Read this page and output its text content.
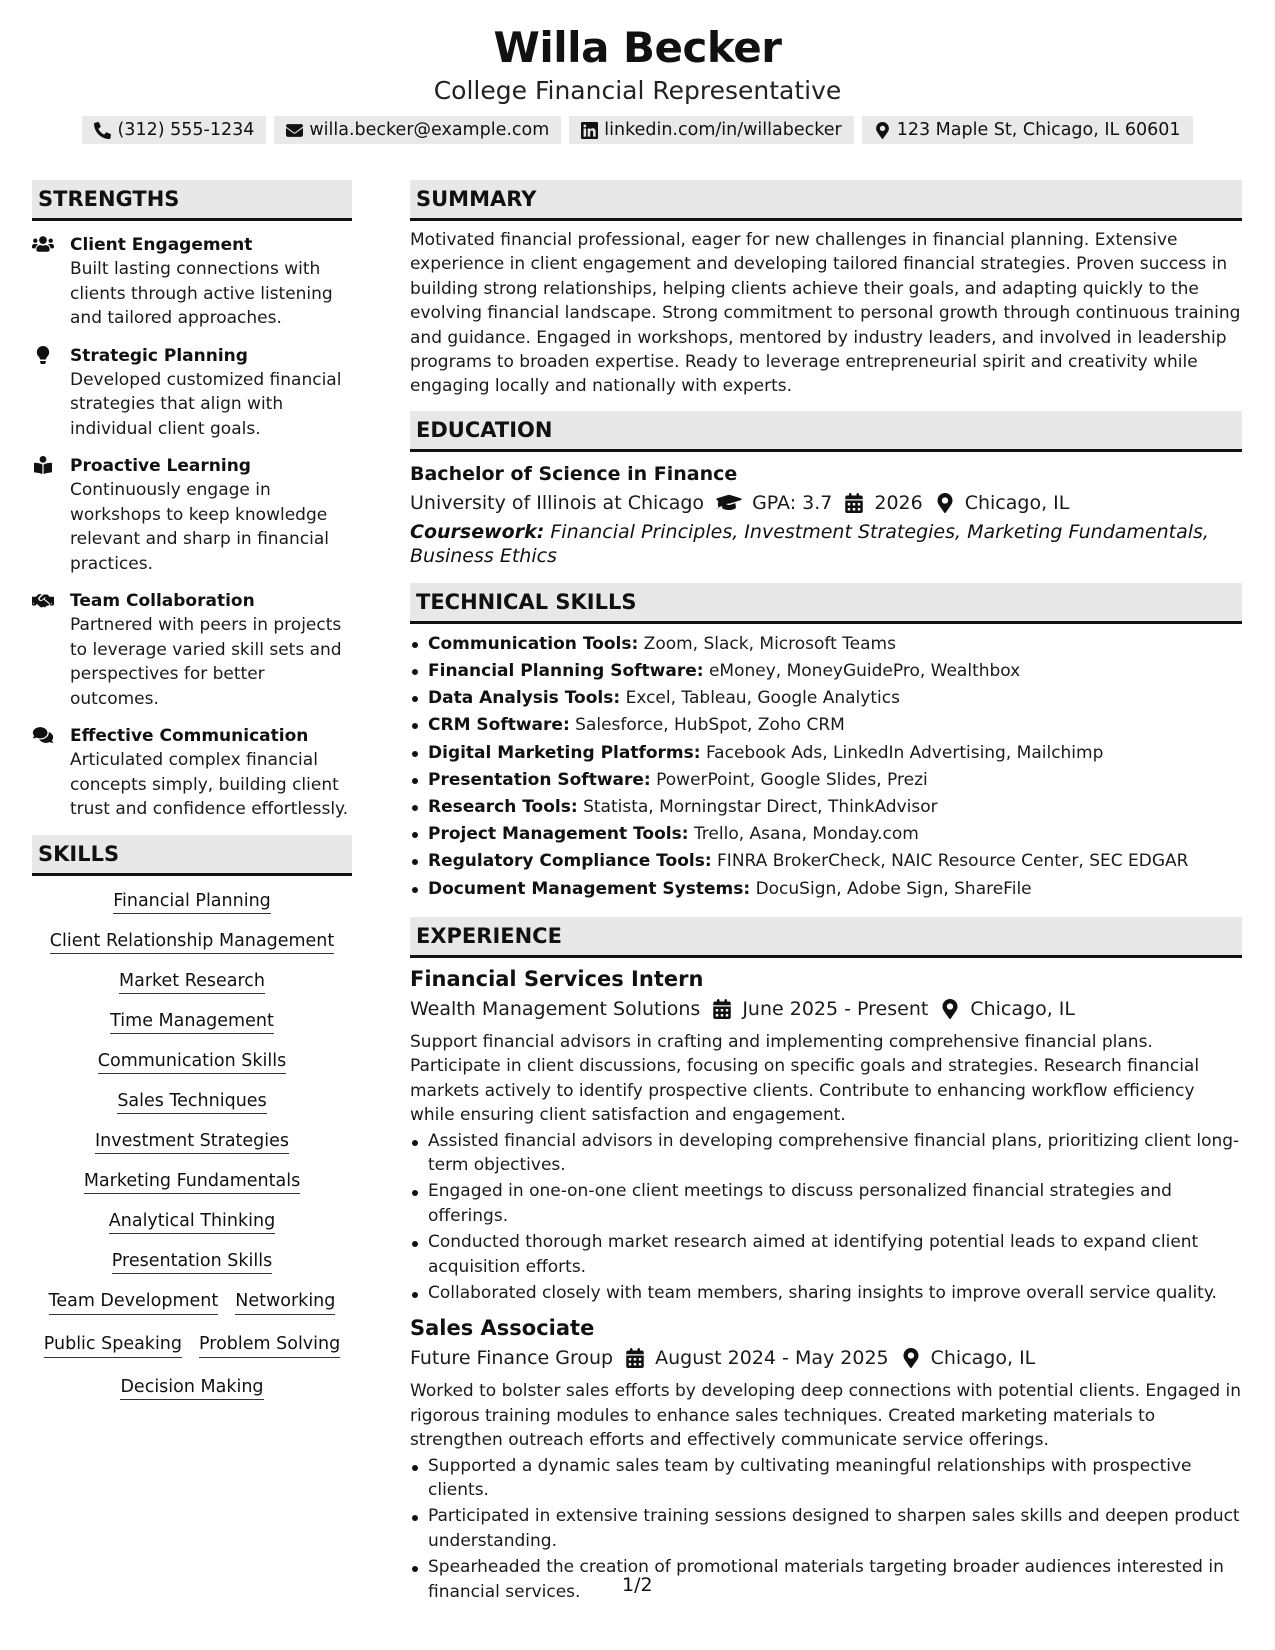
Willa Becker
College Financial Representative
(312) 555-1234	willa.becker@example.com	linkedin.com/in/willabecker	123 Maple St, Chicago, IL 60601
STRENGTHS
Client Engagement
Built lasting connections with clients through active listening and tailored approaches.
Strategic Planning
Developed customized financial strategies that align with individual client goals.
Proactive Learning
Continuously engage in workshops to keep knowledge relevant and sharp in financial practices.
Team Collaboration
Partnered with peers in projects to leverage varied skill sets and perspectives for better outcomes.
Effective Communication
Articulated complex financial concepts simply, building client trust and confidence effortlessly.
SKILLS
Financial Planning
Client Relationship Management
Market Research
Time Management
Communication Skills
Sales Techniques
Investment Strategies
Marketing Fundamentals
Analytical Thinking
Presentation Skills
Team Development Networking
Public Speaking Problem Solving
Decision Making
SUMMARY

Motivated financial professional, eager for new challenges in financial planning. Extensive experience in client engagement and developing tailored financial strategies. Proven success in building strong relationships, helping clients achieve their goals, and adapting quickly to the evolving financial landscape. Strong commitment to personal growth through continuous training and guidance. Engaged in workshops, mentored by industry leaders, and involved in leadership programs to broaden expertise. Ready to leverage entrepreneurial spirit and creativity while engaging locally and nationally with experts.

EDUCATION
Bachelor of Science in Finance
University of Illinois at Chicago	GPA: 3.7 2026 Chicago, IL
Coursework: Financial Principles, Investment Strategies, Marketing Fundamentals, Business Ethics
TECHNICAL SKILLS
Communication Tools: Zoom, Slack, Microsoft Teams
Financial Planning Software: eMoney, MoneyGuidePro, Wealthbox
Data Analysis Tools: Excel, Tableau, Google Analytics
CRM Software: Salesforce, HubSpot, Zoho CRM
Digital Marketing Platforms: Facebook Ads, LinkedIn Advertising, Mailchimp
Presentation Software: PowerPoint, Google Slides, Prezi
Research Tools: Statista, Morningstar Direct, ThinkAdvisor
Project Management Tools: Trello, Asana, Monday.com
Regulatory Compliance Tools: FINRA BrokerCheck, NAIC Resource Center, SEC EDGAR
Document Management Systems: DocuSign, Adobe Sign, ShareFile
EXPERIENCE
Financial Services Intern
Wealth Management Solutions June 2025 - Present Chicago, IL

Support financial advisors in crafting and implementing comprehensive financial plans. Participate in client discussions, focusing on specific goals and strategies. Research financial markets actively to identify prospective clients. Contribute to enhancing workflow efficiency while ensuring client satisfaction and engagement.

Assisted financial advisors in developing comprehensive financial plans, prioritizing client long-term objectives.
Engaged in one-on-one client meetings to discuss personalized financial strategies and offerings.
Conducted thorough market research aimed at identifying potential leads to expand client acquisition efforts.
Collaborated closely with team members, sharing insights to improve overall service quality.
Sales Associate
Future Finance Group August 2024 - May 2025 Chicago, IL

Worked to bolster sales efforts by developing deep connections with potential clients. Engaged in rigorous training modules to enhance sales techniques. Created marketing materials to strengthen outreach efforts and effectively communicate service offerings.

Supported a dynamic sales team by cultivating meaningful relationships with prospective clients.
Participated in extensive training sessions designed to sharpen sales skills and deepen product understanding.
Spearheaded the creation of promotional materials targeting broader audiences interested in financial services.	1/2
